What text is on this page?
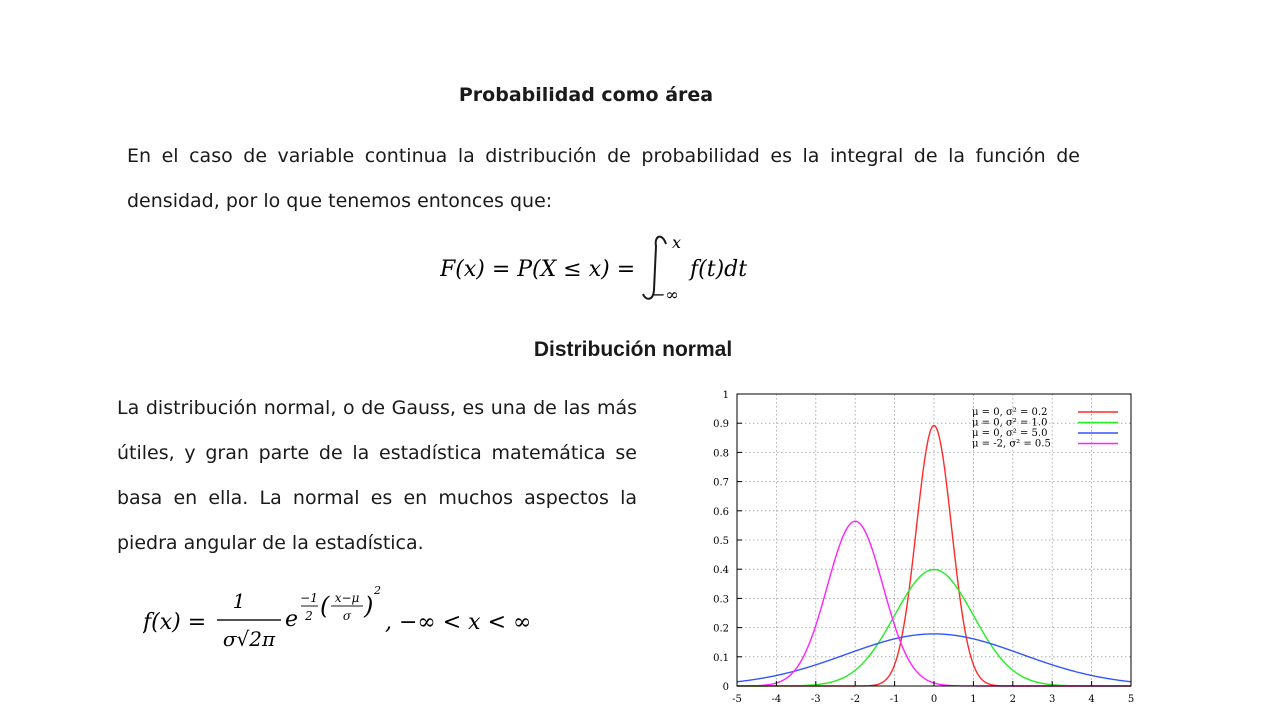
Probabilidad como área
En el caso de variable continua la distribución de probabilidad es la integral de la función de densidad, por lo que tenemos entonces que:
F(x) = P(X ≤ x) =
x
−∞
f(t)dt
Distribución normal
La distribución normal, o de Gauss, es una de las más útiles, y gran parte de la estadística matemática se basa en ella. La normal es en muchos aspectos la piedra angular de la estadística.
f(x) =
1
σ√2π
e
−1
2 ( x−μ
σ )
2
, −∞ < x < ∞
-5	-4	-3	-2	-1	0	1	2	3	4	5
0
0.1
0.2
0.3
0.4
0.5
0.6
0.7
0.8
0.9
1
μ = 0, σ² = 0.2
μ = 0, σ² = 1.0
μ = 0, σ² = 5.0
μ = -2, σ² = 0.5
